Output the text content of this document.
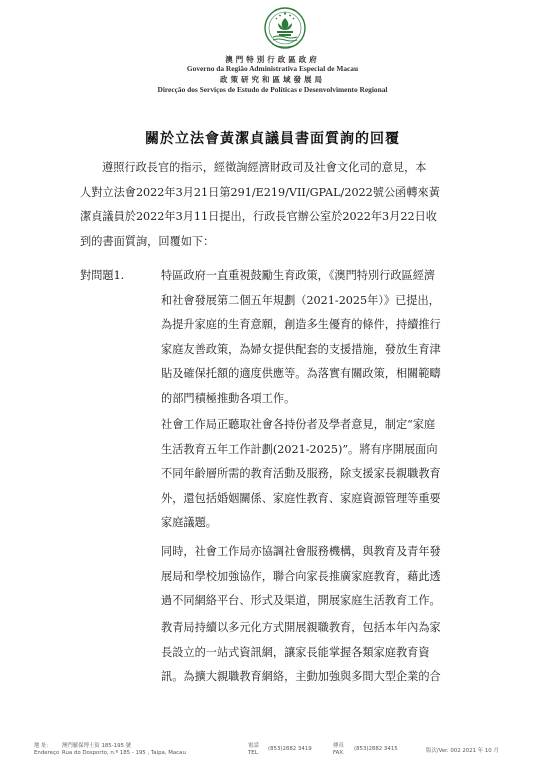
澳門特別行政區政府
Governo da Região Administrativa Especial de Macau
政策研究和區域發展局
Direcção dos Serviços de Estudo de Políticas e Desenvolvimento Regional
關於立法會黃潔貞議員書面質詢的回覆
遵照行政長官的指示，經徵詢經濟財政司及社會文化司的意見，本
人對立法會2022年3月21日第291/E219/VII/GPAL/2022號公函轉來黃
潔貞議員於2022年3月11日提出，行政長官辦公室於2022年3月22日收
到的書面質詢，回覆如下：
對問題1.	特區政府一直重視鼓勵生育政策，《澳門特別行政區經濟
和社會發展第二個五年規劃（2021-2025年）》已提出，
為提升家庭的生育意願，創造多生優育的條件，持續推行
家庭友善政策，為婦女提供配套的支援措施，發放生育津
貼及確保托額的適度供應等。為落實有關政策，相關範疇
的部門積極推動各項工作。
社會工作局正聽取社會各持份者及學者意見，制定“家庭
生活教育五年工作計劃(2021-2025)”。將有序開展面向
不同年齡層所需的教育活動及服務，除支援家長親職教育
外，還包括婚姻關係、家庭性教育、家庭資源管理等重要
家庭議題。
同時，社會工作局亦協調社會服務機構，與教育及青年發
展局和學校加強協作，聯合向家長推廣家庭教育，藉此透
過不同網絡平台、形式及渠道，開展家庭生活教育工作。
教青局持續以多元化方式開展親職教育，包括本年內為家
長設立的一站式資訊網，讓家長能掌握各類家庭教育資
訊。為擴大親職教育網絡，主動加強與多間大型企業的合
地 址： 澳門羅保博士街 185-195 號
Endereço Rua do Dosporto, n.º 185 - 195 , Taipa, Macau
電話
TEL.
(853)2882 3419	傳真
FAX.
(853)2882 3415	版次/Ver. 002 2021 年 10 月
